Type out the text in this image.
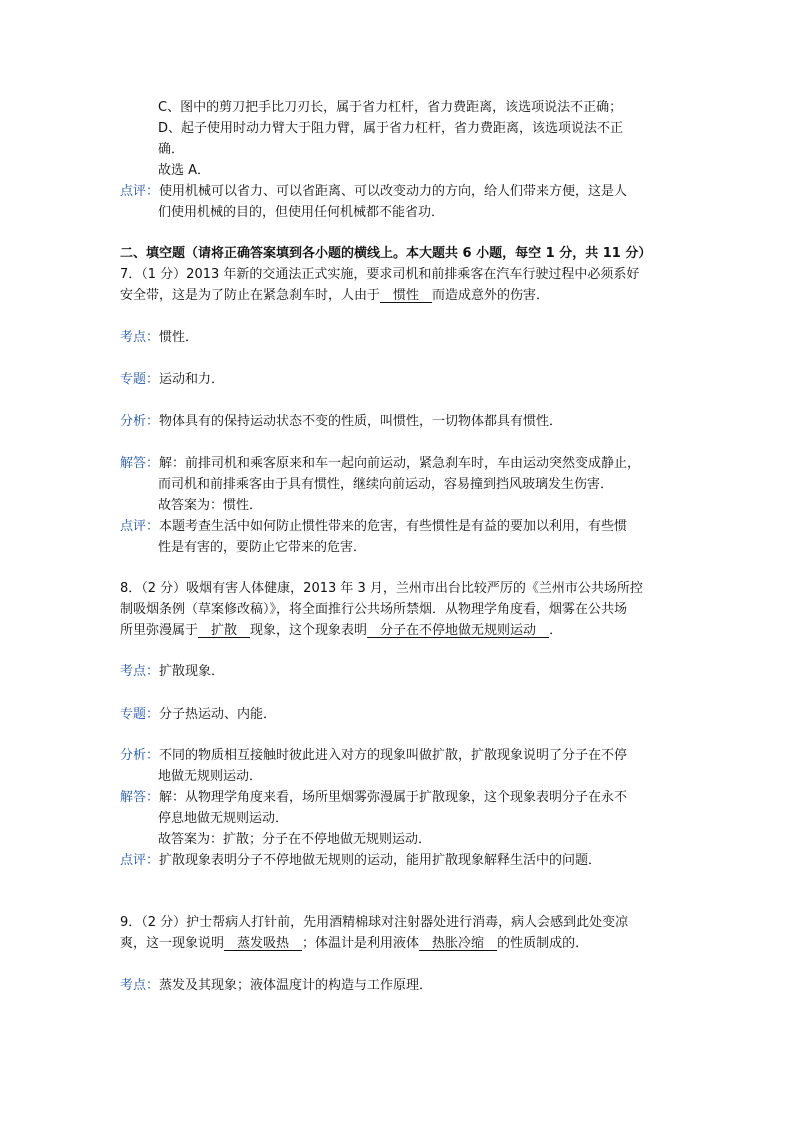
C、图中的剪刀把手比刀刃长，属于省力杠杆，省力费距离，该选项说法不正确；
D、起子使用时动力臂大于阻力臂，属于省力杠杆，省力费距离，该选项说法不正
确．
故选 A．
点评：使用机械可以省力、可以省距离、可以改变动力的方向，给人们带来方便，这是人
们使用机械的目的，但使用任何机械都不能省功．
二、填空题（请将正确答案填到各小题的横线上。本大题共 6 小题，每空 1 分，共 11 分）
7．（1 分）2013 年新的交通法正式实施，要求司机和前排乘客在汽车行驶过程中必须系好
安全带，这是为了防止在紧急刹车时，人由于　惯性　而造成意外的伤害．
考点：惯性．
专题：运动和力．
分析：物体具有的保持运动状态不变的性质，叫惯性，一切物体都具有惯性．
解答：解：前排司机和乘客原来和车一起向前运动，紧急刹车时，车由运动突然变成静止，
而司机和前排乘客由于具有惯性，继续向前运动，容易撞到挡风玻璃发生伤害．
故答案为：惯性．
点评：本题考查生活中如何防止惯性带来的危害，有些惯性是有益的要加以利用，有些惯
性是有害的，要防止它带来的危害．
8．（2 分）吸烟有害人体健康，2013 年 3 月，兰州市出台比较严厉的《兰州市公共场所控
制吸烟条例（草案修改稿）》，将全面推行公共场所禁烟．从物理学角度看，烟雾在公共场
所里弥漫属于　扩散　现象，这个现象表明　分子在不停地做无规则运动　．
考点：扩散现象．
专题：分子热运动、内能．
分析：不同的物质相互接触时彼此进入对方的现象叫做扩散，扩散现象说明了分子在不停
地做无规则运动．
解答：解：从物理学角度来看，场所里烟雾弥漫属于扩散现象，这个现象表明分子在永不
停息地做无规则运动．
故答案为：扩散；分子在不停地做无规则运动．
点评：扩散现象表明分子不停地做无规则的运动，能用扩散现象解释生活中的问题．
9．（2 分）护士帮病人打针前，先用酒精棉球对注射器处进行消毒，病人会感到此处变凉
爽，这一现象说明　蒸发吸热　；体温计是利用液体　热胀冷缩　的性质制成的．
考点：蒸发及其现象；液体温度计的构造与工作原理．
